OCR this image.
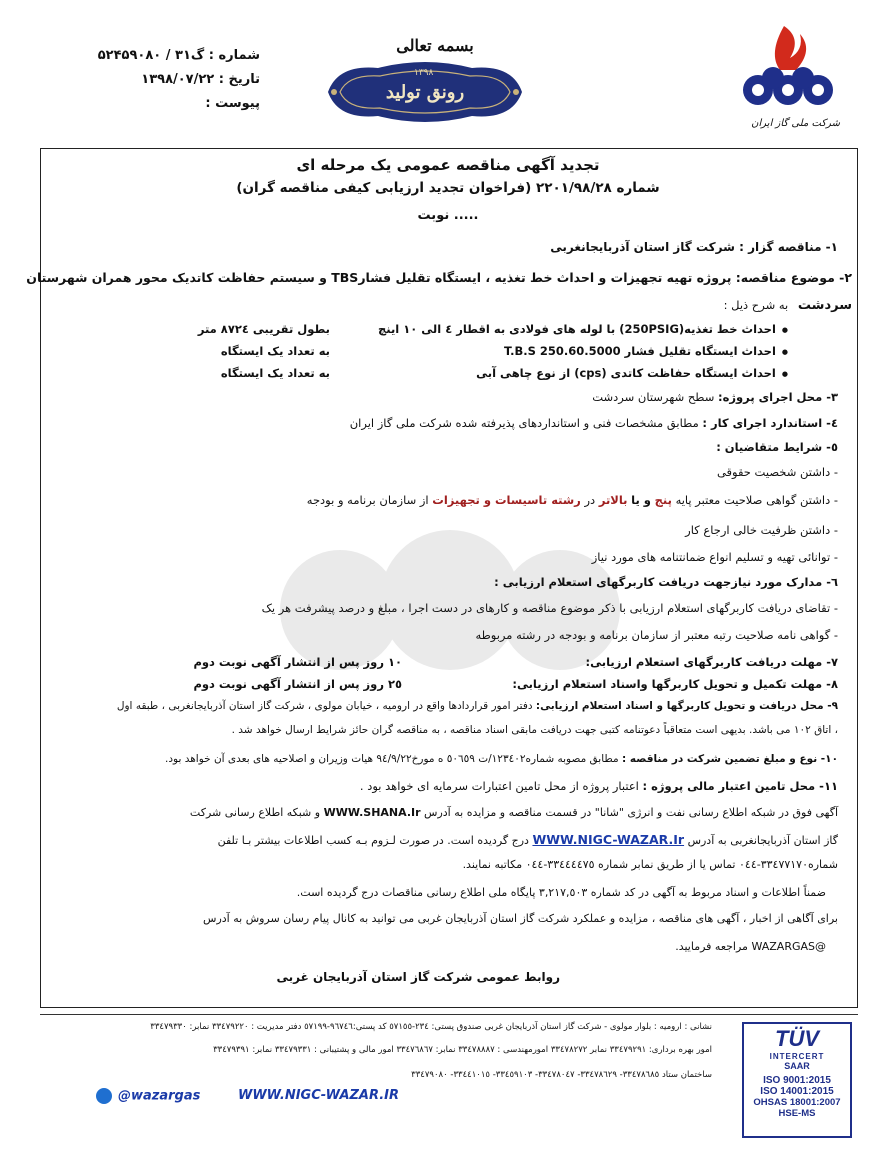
شماره : گ۳۱ / ۵۲۴۵۹۰۸۰
تاریخ : ۱۳۹۸/۰۷/۲۲
پیوست :
بسمه تعالی
۱۳۹۸
رونق تولید
شرکت ملی گاز ایران
تجدید آگهی مناقصه عمومی یک مرحله ای
(فراخوان تجدید ارزیابی کیفی مناقصه گران) شماره ۲۲۰۱/۹۸/۲۸
نوبت .....
۱- مناقصه گزار : شرکت گاز استان آذربایجانغربی
۲- موضوع مناقصه: پروژه تهیه تجهیزات و احداث خط تغذیه ، ایستگاه تقلیل فشارTBS و سیستم حفاظت کاتدیک محور همران شهرستان
سردشت به شرح ذیل :
● احداث خط تغذیه(250PSIG) با لوله های فولادی به اقطار ٤ الی ۱۰ اینچ
● احداث ایستگاه تقلیل فشار T.B.S 250.60.5000
● احداث ایستگاه حفاظت کاتدی (cps) از نوع چاهی آبی
بطول تقریبی ۸۷۲٤ متر
به تعداد یک ایستگاه
به تعداد یک ایستگاه
۳- محل اجرای پروژه: سطح شهرستان سردشت
٤- استاندارد اجرای کار : مطابق مشخصات فنی و استانداردهای پذیرفته شده شرکت ملی گاز ایران
٥- شرایط متقاضیان :
- داشتن شخصیت حقوقی
- داشتن گواهی صلاحیت معتبر پایه پنج و یا بالاتر در رشته تاسیسات و تجهیزات از سازمان برنامه و بودجه
- داشتن ظرفیت خالی ارجاع کار
- توانائی تهیه و تسلیم انواع ضمانتنامه های مورد نیاز
٦- مدارک مورد نیازجهت دریافت کاربرگهای استعلام ارزیابی :
- تقاضای دریافت کاربرگهای استعلام ارزیابی با ذکر موضوع مناقصه و کارهای در دست اجرا ، مبلغ و درصد پیشرفت هر یک
- گواهی نامه صلاحیت رتبه معتبر از سازمان برنامه و بودجه در رشته مربوطه
۷- مهلت دریافت کاربرگهای استعلام ارزیابی:
۱۰ روز پس از انتشار آگهی نوبت دوم
۸- مهلت تکمیل و تحویل کاربرگها واسناد استعلام ارزیابی:
۲٥ روز پس از انتشار آگهی نوبت دوم
۹- محل دریافت و تحویل کاربرگها و اسناد استعلام ارزیابی: دفتر امور قراردادها واقع در ارومیه ، خیابان مولوی ، شرکت گاز استان آذربایجانغربی ، طبقه اول
، اتاق ۱۰۲ می باشد. بدیهی است متعاقباً دعوتنامه کتبی جهت دریافت مابقی اسناد مناقصه ، به مناقصه گران حائز شرایط ارسال خواهد شد .
۱۰- نوع و مبلغ تضمین شرکت در مناقصه : مطابق مصوبه شماره۱۲۳٤۰۲/ت ٥۰٦٥۹ ه مورخ۹٤/۹/۲۲ هیات وزیران و اصلاحیه های بعدی آن خواهد بود.
۱۱- محل تامین اعتبار مالی پروژه : اعتبار پروژه از محل تامین اعتبارات سرمایه ای خواهد بود .
آگهی فوق در شبکه اطلاع رسانی نفت و انرژی "شانا" در قسمت مناقصه و مزایده به آدرس WWW.SHANA.Ir و شبکه اطلاع رسانی شرکت
گاز استان آذربایجانغربی به آدرس WWW.NIGC-WAZAR.Ir درج گردیده است. در صورت لـزوم بـه کسب اطلاعات بیشتر بـا تلفن
شماره۳۳٤۷۷۱۷۰-۰٤٤ تماس یا از طریق نمابر شماره ۳۳٤٤٤٤۷٥-۰٤٤ مکاتبه نمایند.
ضمناً اطلاعات و اسناد مربوط به آگهی در کد شماره ۳,۲۱۷,٥۰۳ پایگاه ملی اطلاع رسانی مناقصات درج گردیده است.
برای آگاهی از اخبار ، آگهی های مناقصه ، مزایده و عملکرد شرکت گاز استان آذربایجان غربی می توانید به کانال پیام رسان سروش به آدرس
@WAZARGAS مراجعه فرمایید.
روابط عمومی شرکت گاز استان آذربایجان غربی
نشانی : ارومیه : بلوار مولوی - شرکت گاز استان آذربایجان غربی صندوق پستی: ۲۳٤-٥۷۱٥٥ کد پستی:۹٦۷٤٦-٥۷۱۹۹ دفتر مدیریت : ۳۳٤۷۹۲۲۰ نمابر: ۳۳٤۷۹۳۳۰
امور بهره برداری: ۳۳٤۷۹۲۹۱ نمابر ۳۳٤۷۸۲۷۲ امورمهندسی : ۳۳٤۷۸۸۸۷ نمابر: ۳۳٤۷٦۸٦۷ امور مالی و پشتیبانی : ۳۳٤۷۹۳۳۱ نمابر: ۳۳٤۷۹۳۹۱
ساختمان ستاد ۳۳٤۷۸٦۸٥- ۳۳٤۷۸٦۲۹- ۳۳٤۷۸۰٤۷- ۳۳٤٥۹۱۰۳- ۳۳٤٤۱۰۱٥- ۳۳٤۷۹۰۸۰
@wazargas	WWW.NIGC-WAZAR.IR
TÜV
INTERCERT
SAAR
ISO 9001:2015
ISO 14001:2015
OHSAS 18001:2007
HSE-MS
